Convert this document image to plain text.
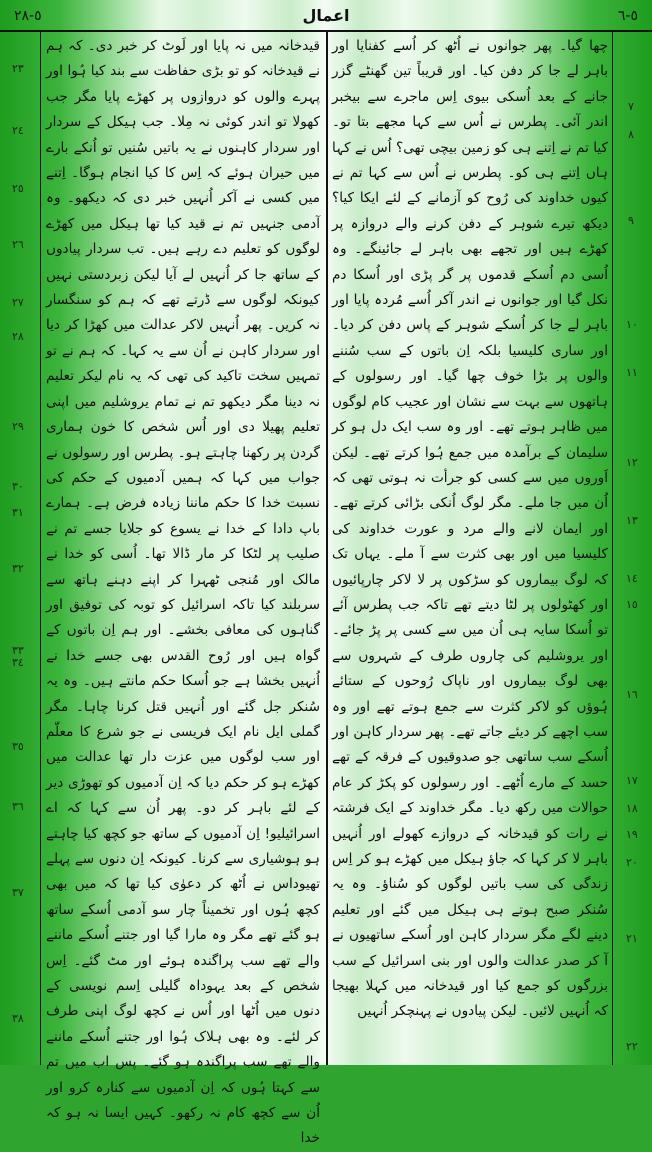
٥-٢٨	اعمال	٥-٦
٧
٨
٩
١٠
١١
١٢
١٣
١٤
١٥
١٦
١٧
١٨
١٩
٢٠
٢١
٢٢
٢٣
٢٤
٢٥
٢٦
٢٧
٢٨
٢٩
٣٠
٣١
٣٢
٣٣
٣٤
٣٥
٣٦
٣٧
٣٨

چھا گیا۔ پھر جوانوں نے اُٹھ کر اُسے کفنایا اور باہر لے جا کر دفن کیا۔ اور قریباً تین گھنٹے گزر جانے کے بعد اُسکی بیوی اِس ماجرے سے بیخبر اندر آئی۔ پطرس نے اُس سے کہا مجھے بتا تو۔ کیا تم نے اِتنے ہی کو زمین بیچی تھی؟ اُس نے کہا ہاں اِتنے ہی کو۔ پطرس نے اُس سے کہا تم نے کیوں خداوند کی رُوح کو آزمانے کے لئے ایکا کیا؟ دیکھ تیرے شوہر کے دفن کرنے والے دروازہ پر کھڑے ہیں اور تجھے بھی باہر لے جائینگے۔ وہ اُسی دم اُسکے قدموں پر گر پڑی اور اُسکا دم نکل گیا اور جوانوں نے اندر آکر اُسے مُردہ پایا اور باہر لے جا کر اُسکے شوہر کے پاس دفن کر دیا۔ اور ساری کلیسیا بلکہ اِن باتوں کے سب سُننے والوں پر بڑا خوف چھا گیا۔ اور رسولوں کے ہاتھوں سے بہت سے نشان اور عجیب کام لوگوں میں ظاہر ہوتے تھے۔ اور وہ سب ایک دل ہو کر سلیمان کے برآمدہ میں جمع ہُوا کرتے تھے۔ لیکن اَوروں میں سے کسی کو جرأت نہ ہوتی تھی کہ اُن میں جا ملے۔ مگر لوگ اُنکی بڑائی کرتے تھے۔ اور ایمان لانے والے مرد و عورت خداوند کی کلیسیا میں اور بھی کثرت سے آ ملے۔ یہاں تک کہ لوگ بیماروں کو سڑکوں پر لا لاکر چارپائیوں اور کھٹولوں پر لٹا دیتے تھے تاکہ جب پطرس آئے تو اُسکا سایہ ہی اُن میں سے کسی پر پڑ جائے۔ اور یروشلیم کی چاروں طرف کے شہروں سے بھی لوگ بیماروں اور ناپاک رُوحوں کے ستائے ہُوؤں کو لاکر کثرت سے جمع ہوتے تھے اور وہ سب اچھے کر دیئے جاتے تھے۔ پھر سردار کاہن اور اُسکے سب ساتھی جو صدوقیوں کے فرقہ کے تھے حسد کے مارے اُٹھے۔ اور رسولوں کو پکڑ کر عام حوالات میں رکھ دیا۔ مگر خداوند کے ایک فرشتہ نے رات کو قیدخانہ کے دروازے کھولے اور اُنہیں باہر لا کر کہا کہ جاؤ ہیکل میں کھڑے ہو کر اِس زندگی کی سب باتیں لوگوں کو سُناؤ۔ وہ یہ سُنکر صبح ہوتے ہی ہیکل میں گئے اور تعلیم دینے لگے مگر سردار کاہن اور اُسکے ساتھیوں نے آ کر صدر عدالت والوں اور بنی اسرائیل کے سب بزرگوں کو جمع کیا اور قیدخانہ میں کہلا بھیجا کہ اُنہیں لائیں۔ لیکن پیادوں نے پہنچکر اُنہیں

قیدخانہ میں نہ پایا اور لَوٹ کر خبر دی۔ کہ ہم نے قیدخانہ کو تو بڑی حفاظت سے بند کیا ہُوا اور پہرے والوں کو دروازوں پر کھڑے پایا مگر جب کھولا تو اندر کوئی نہ مِلا۔ جب ہیکل کے سردار اور سردار کاہنوں نے یہ باتیں سُنیں تو اُنکے بارے میں حیران ہوئے کہ اِس کا کیا انجام ہوگا۔ اِتنے میں کسی نے آکر اُنہیں خبر دی کہ دیکھو۔ وہ آدمی جنہیں تم نے قید کیا تھا ہیکل میں کھڑے لوگوں کو تعلیم دے رہے ہیں۔ تب سردار پیادوں کے ساتھ جا کر اُنہیں لے آیا لیکن زبردستی نہیں کیونکہ لوگوں سے ڈرتے تھے کہ ہم کو سنگسار نہ کریں۔ پھر اُنہیں لاکر عدالت میں کھڑا کر دیا اور سردار کاہن نے اُن سے یہ کہا۔ کہ ہم نے تو تمہیں سخت تاکید کی تھی کہ یہ نام لیکر تعلیم نہ دینا مگر دیکھو تم نے تمام یروشلیم میں اپنی تعلیم پھیلا دی اور اُس شخص کا خون ہماری گردن پر رکھنا چاہتے ہو۔ پطرس اور رسولوں نے جواب میں کہا کہ ہمیں آدمیوں کے حکم کی نسبت خدا کا حکم ماننا زیادہ فرض ہے۔ ہمارے باپ دادا کے خدا نے یسوع کو جلایا جسے تم نے صلیب پر لٹکا کر مار ڈالا تھا۔ اُسی کو خدا نے مالک اور مُنجی ٹھہرا کر اپنے دہنے ہاتھ سے سربلند کیا تاکہ اسرائیل کو توبہ کی توفیق اور گناہوں کی معافی بخشے۔ اور ہم اِن باتوں کے گواہ ہیں اور رُوح القدس بھی جسے خدا نے اُنہیں بخشا ہے جو اُسکا حکم مانتے ہیں۔ وہ یہ سُنکر جل گئے اور اُنہیں قتل کرنا چاہا۔ مگر گملی ایل نام ایک فریسی نے جو شرع کا معلّم اور سب لوگوں میں عزت دار تھا عدالت میں کھڑے ہو کر حکم دیا کہ اِن آدمیوں کو تھوڑی دیر کے لئے باہر کر دو۔ پھر اُن سے کہا کہ اے اسرائیلیو! اِن آدمیوں کے ساتھ جو کچھ کیا چاہتے ہو ہوشیاری سے کرنا۔ کیونکہ اِن دنوں سے پہلے تھیوداس نے اُٹھ کر دعوٰی کیا تھا کہ میں بھی کچھ ہُوں اور تخمیناً چار سو آدمی اُسکے ساتھ ہو گئے تھے مگر وہ مارا گیا اور جتنے اُسکے ماننے والے تھے سب پراگندہ ہوئے اور مٹ گئے۔ اِس شخص کے بعد یہوداہ گلیلی اِسم نویسی کے دنوں میں اُٹھا اور اُس نے کچھ لوگ اپنی طرف کر لئے۔ وہ بھی ہلاک ہُوا اور جتنے اُسکے ماننے والے تھے سب پراگندہ ہو گئے۔ پس اب میں تم سے کہتا ہُوں کہ اِن آدمیوں سے کنارہ کرو اور اُن سے کچھ کام نہ رکھو۔ کہیں ایسا نہ ہو کہ خدا
